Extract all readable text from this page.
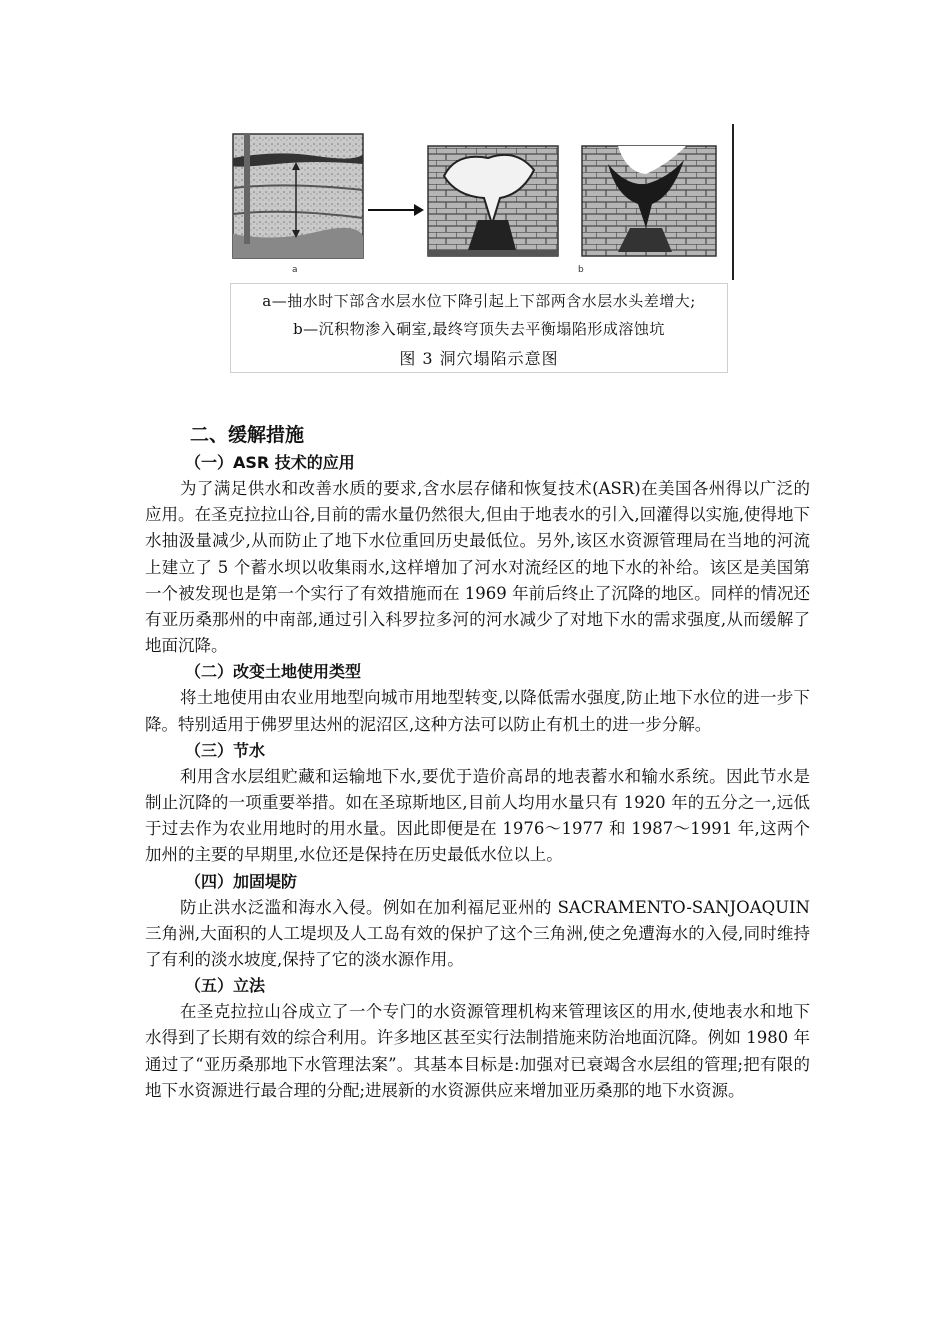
a	b
a—抽水时下部含水层水位下降引起上下部两含水层水头差增大;
b—沉积物渗入硐室,最终穹顶失去平衡塌陷形成溶蚀坑
图 3 洞穴塌陷示意图
二、缓解措施
（一）ASR 技术的应用

为了满足供水和改善水质的要求,含水层存储和恢复技术(ASR)在美国各州得以广泛的应用。在圣克拉拉山谷,目前的需水量仍然很大,但由于地表水的引入,回灌得以实施,使得地下水抽汲量减少,从而防止了地下水位重回历史最低位。另外,该区水资源管理局在当地的河流上建立了 5 个蓄水坝以收集雨水,这样增加了河水对流经区的地下水的补给。该区是美国第一个被发现也是第一个实行了有效措施而在 1969 年前后终止了沉降的地区。同样的情况还有亚历桑那州的中南部,通过引入科罗拉多河的河水减少了对地下水的需求强度,从而缓解了地面沉降。

（二）改变土地使用类型

将土地使用由农业用地型向城市用地型转变,以降低需水强度,防止地下水位的进一步下降。特别适用于佛罗里达州的泥沼区,这种方法可以防止有机土的进一步分解。

（三）节水

利用含水层组贮藏和运输地下水,要优于造价高昂的地表蓄水和输水系统。因此节水是制止沉降的一项重要举措。如在圣琼斯地区,目前人均用水量只有 1920 年的五分之一,远低于过去作为农业用地时的用水量。因此即便是在 1976～1977 和 1987～1991 年,这两个加州的主要的早期里,水位还是保持在历史最低水位以上。

（四）加固堤防

防止洪水泛滥和海水入侵。例如在加利福尼亚州的 SACRAMENTO-SANJOAQUIN 三角洲,大面积的人工堤坝及人工岛有效的保护了这个三角洲,使之免遭海水的入侵,同时维持了有利的淡水坡度,保持了它的淡水源作用。

（五）立法

在圣克拉拉山谷成立了一个专门的水资源管理机构来管理该区的用水,使地表水和地下水得到了长期有效的综合利用。许多地区甚至实行法制措施来防治地面沉降。例如 1980 年通过了“亚历桑那地下水管理法案”。其基本目标是:加强对已衰竭含水层组的管理;把有限的地下水资源进行最合理的分配;进展新的水资源供应来增加亚历桑那的地下水资源。
